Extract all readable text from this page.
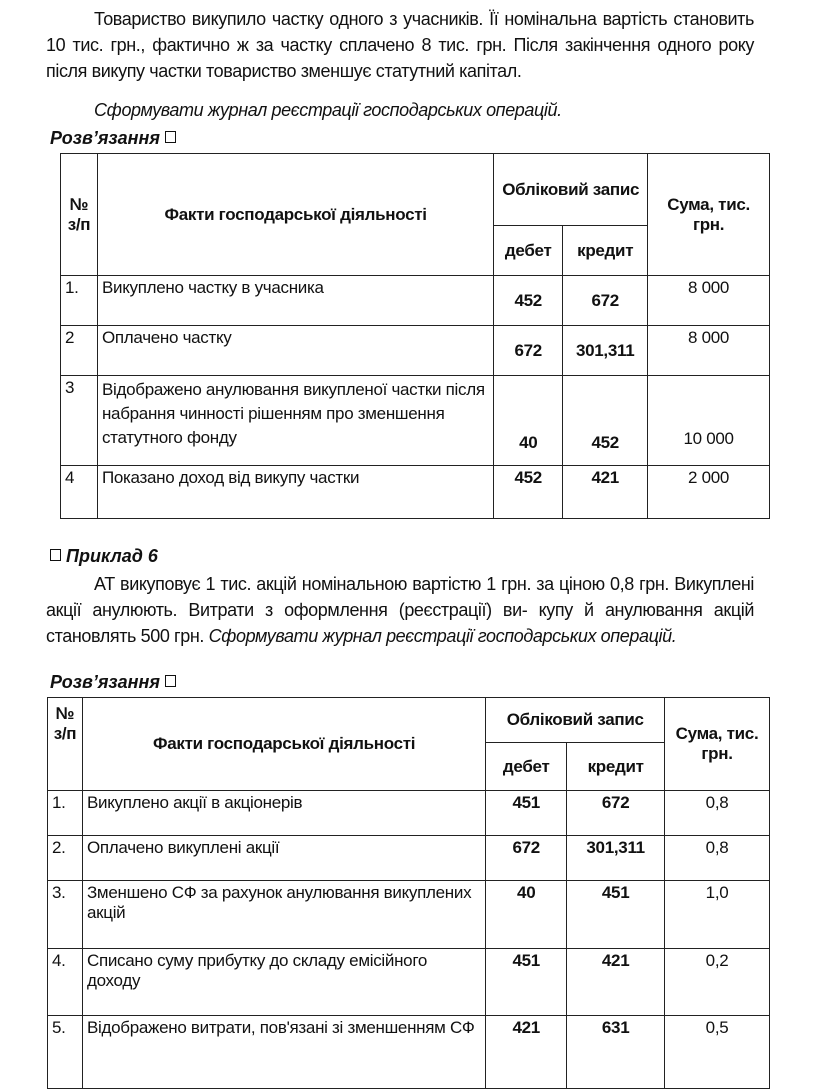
Товариство викупило частку одного з учасників. Її номінальна вартість становить 10 тис. грн., фактично ж за частку сплачено 8 тис. грн. Після закінчення одного року після викупу частки товариство зменшує статутний капітал.
Сформувати журнал реєстрації господарських операцій.
Розв’язання
№ з/п	Факти господарської діяльності	Обліковий запис		Сума, тис. грн.
		дебет	кредит	
1.	Викуплено частку в учасника	452	672	8 000
2	Оплачено частку	672	301,311	8 000
3	Відображено анулювання викупленої частки після набрання чинності рішенням про зменшення статутного фонду	40	452	10 000
4	Показано доход від викупу частки	452	421	2 000
Приклад 6
АТ викуповує 1 тис. акцій номінальною вартістю 1 грн. за ціною 0,8 грн. Викуплені акції анулюють. Витрати з оформлення (реєстрації) ви- купу й анулювання акцій становлять 500 грн. Сформувати журнал реєстрації господарських операцій.
Розв’язання
№ з/п	Факти господарської діяльності	Обліковий запис		Сума, тис. грн.
		дебет	кредит	
1.	Викуплено акції в акціонерів	451	672	0,8
2.	Оплачено викуплені акції	672	301,311	0,8
3.	Зменшено СФ за рахунок анулювання викуплених акцій	40	451	1,0
4.	Списано суму прибутку до складу емісійного доходу	451	421	0,2
5.	Відображено витрати, пов'язані зі зменшенням СФ	421	631	0,5
